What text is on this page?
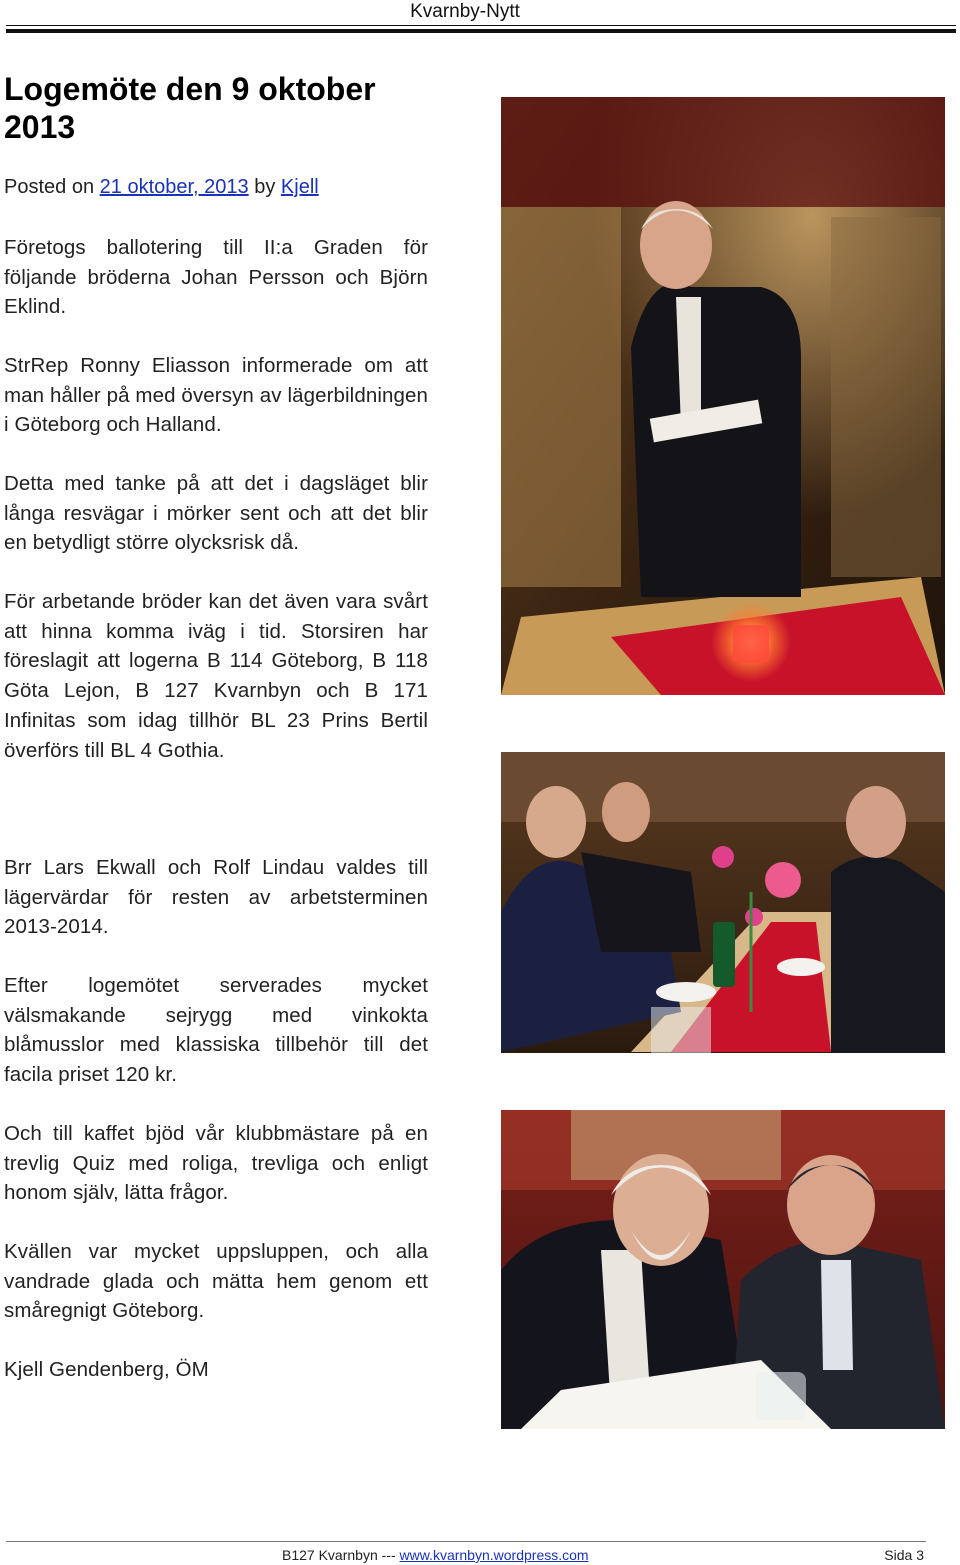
Kvarnby-Nytt
Logemöte den 9 oktober 2013
Posted on 21 oktober, 2013 by Kjell

Företogs ballotering till II:a Graden för följande bröderna Johan Persson och Björn Eklind.

StrRep Ronny Eliasson informerade om att man håller på med översyn av lägerbildningen i Göteborg och Halland.

Detta med tanke på att det i dagsläget blir långa resvägar i mörker sent och att det blir en betydligt större olycksrisk då.

För arbetande bröder kan det även vara svårt att hinna komma iväg i tid. Storsiren har föreslagit att logerna B 114 Göteborg, B 118 Göta Lejon, B 127 Kvarnbyn och B 171 Infinitas som idag tillhör BL 23 Prins Bertil överförs till BL 4 Gothia.

Brr Lars Ekwall och Rolf Lindau valdes till lägervärdar för resten av arbetsterminen 2013-2014.

Efter logemötet serverades mycket välsmakande sejrygg med vinkokta blåmusslor med klassiska tillbehör till det facila priset 120 kr.

Och till kaffet bjöd vår klubbmästare på en trevlig Quiz med roliga, trevliga och enligt honom själv, lätta frågor.

Kvällen var mycket uppsluppen, och alla vandrade glada och mätta hem genom ett småregnigt Göteborg.

Kjell Gendenberg, ÖM

B127 Kvarnbyn --- www.kvarnbyn.wordpress.com	Sida 3
